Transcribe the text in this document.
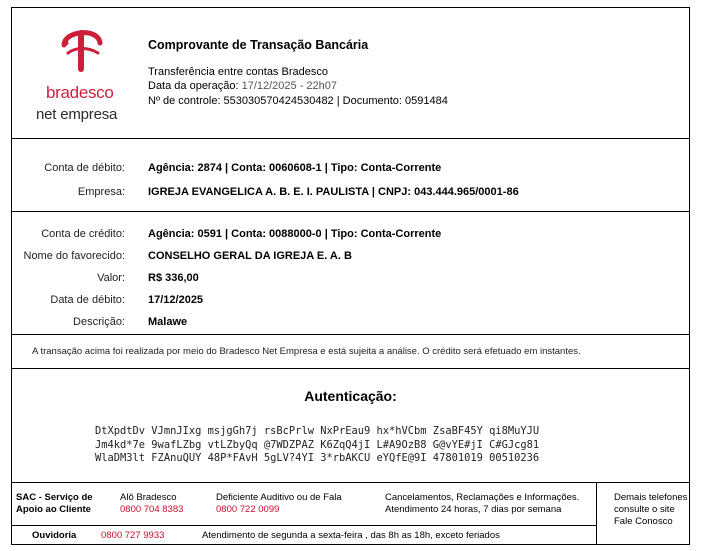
bradesco
net empresa
Comprovante de Transação Bancária
Transferência entre contas Bradesco
Data da operação: 17/12/2025 - 22h07
Nº de controle: 553030570424530482 | Documento: 0591484
Conta de débito: Agência: 2874 | Conta: 0060608-1 | Tipo: Conta-Corrente
Empresa: IGREJA EVANGELICA A. B. E. I. PAULISTA | CNPJ: 043.444.965/0001-86
Conta de crédito: Agência: 0591 | Conta: 0088000-0 | Tipo: Conta-Corrente
Nome do favorecido: CONSELHO GERAL DA IGREJA E. A. B
Valor: R$ 336,00
Data de débito: 17/12/2025
Descrição: Malawe
A transação acima foi realizada por meio do Bradesco Net Empresa e está sujeita a análise. O crédito será efetuado em instantes.
Autenticação:
DtXpdtDv VJmnJIxg msjgGh7j rsBcPrlw NxPrEau9 hx*hVCbm ZsaBF45Y qi8MuYJU
Jm4kd*7e 9wafLZbg vtLZbyQq @7WDZPAZ K6ZqQ4jI L#A9OzB8 G@vYE#jI C#GJcg81
WlaDM3lt FZAnuQUY 48P*FAvH 5gLV?4YI 3*rbAKCU eYQfE@9I 47801019 00510236
SAC - Serviço de
Apoio ao Cliente
Alô Bradesco
0800 704 8383
Deficiente Auditivo ou de Fala
0800 722 0099
Cancelamentos, Reclamações e Informações.
Atendimento 24 horas, 7 dias por semana
Demais telefones
consulte o site
Fale Conosco
Ouvidoria	0800 727 9933	Atendimento de segunda a sexta-feira , das 8h as 18h, exceto feriados
